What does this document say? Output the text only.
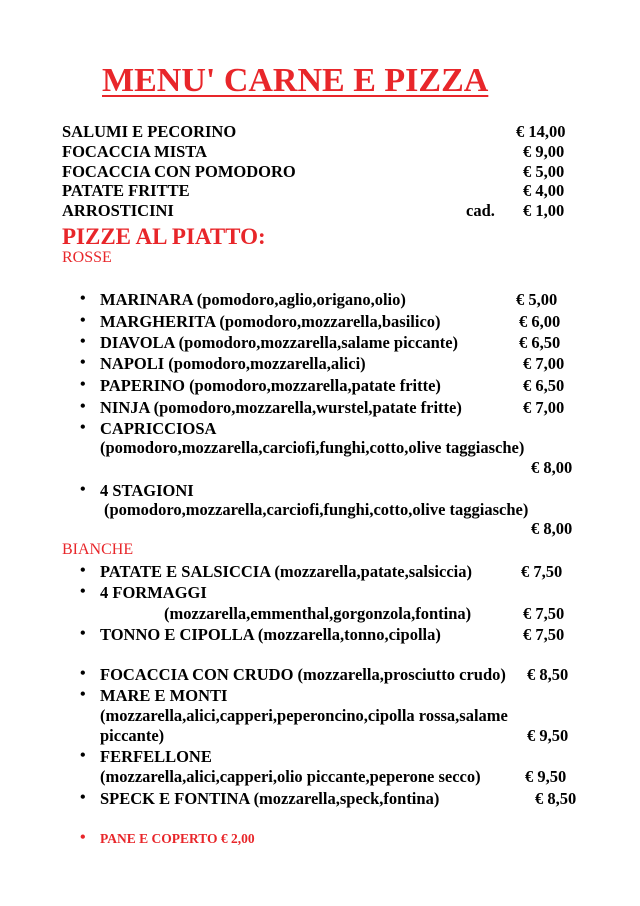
MENU' CARNE E PIZZA
SALUMI E PECORINO	€ 14,00
FOCACCIA MISTA	€ 9,00
FOCACCIA CON POMODORO	€ 5,00
PATATE FRITTE	€ 4,00
ARROSTICINI	cad. € 1,00
PIZZE AL PIATTO:
ROSSE
• MARINARA (pomodoro,aglio,origano,olio)	€ 5,00
• MARGHERITA (pomodoro,mozzarella,basilico)	€ 6,00
• DIAVOLA (pomodoro,mozzarella,salame piccante)	€ 6,50
• NAPOLI (pomodoro,mozzarella,alici)	€ 7,00
• PAPERINO (pomodoro,mozzarella,patate fritte)	€ 6,50
• NINJA (pomodoro,mozzarella,wurstel,patate fritte)	€ 7,00
• CAPRICCIOSA
(pomodoro,mozzarella,carciofi,funghi,cotto,olive taggiasche)
€ 8,00
• 4 STAGIONI
(pomodoro,mozzarella,carciofi,funghi,cotto,olive taggiasche)
€ 8,00
BIANCHE
• PATATE E SALSICCIA (mozzarella,patate,salsiccia)	€ 7,50
• 4 FORMAGGI
(mozzarella,emmenthal,gorgonzola,fontina)	€ 7,50
• TONNO E CIPOLLA (mozzarella,tonno,cipolla)	€ 7,50
• FOCACCIA CON CRUDO (mozzarella,prosciutto crudo) € 8,50
• MARE E MONTI
(mozzarella,alici,capperi,peperoncino,cipolla rossa,salame
piccante)	€ 9,50
• FERFELLONE
(mozzarella,alici,capperi,olio piccante,peperone secco)	€ 9,50
• SPECK E FONTINA (mozzarella,speck,fontina)	€ 8,50
• PANE E COPERTO € 2,00
